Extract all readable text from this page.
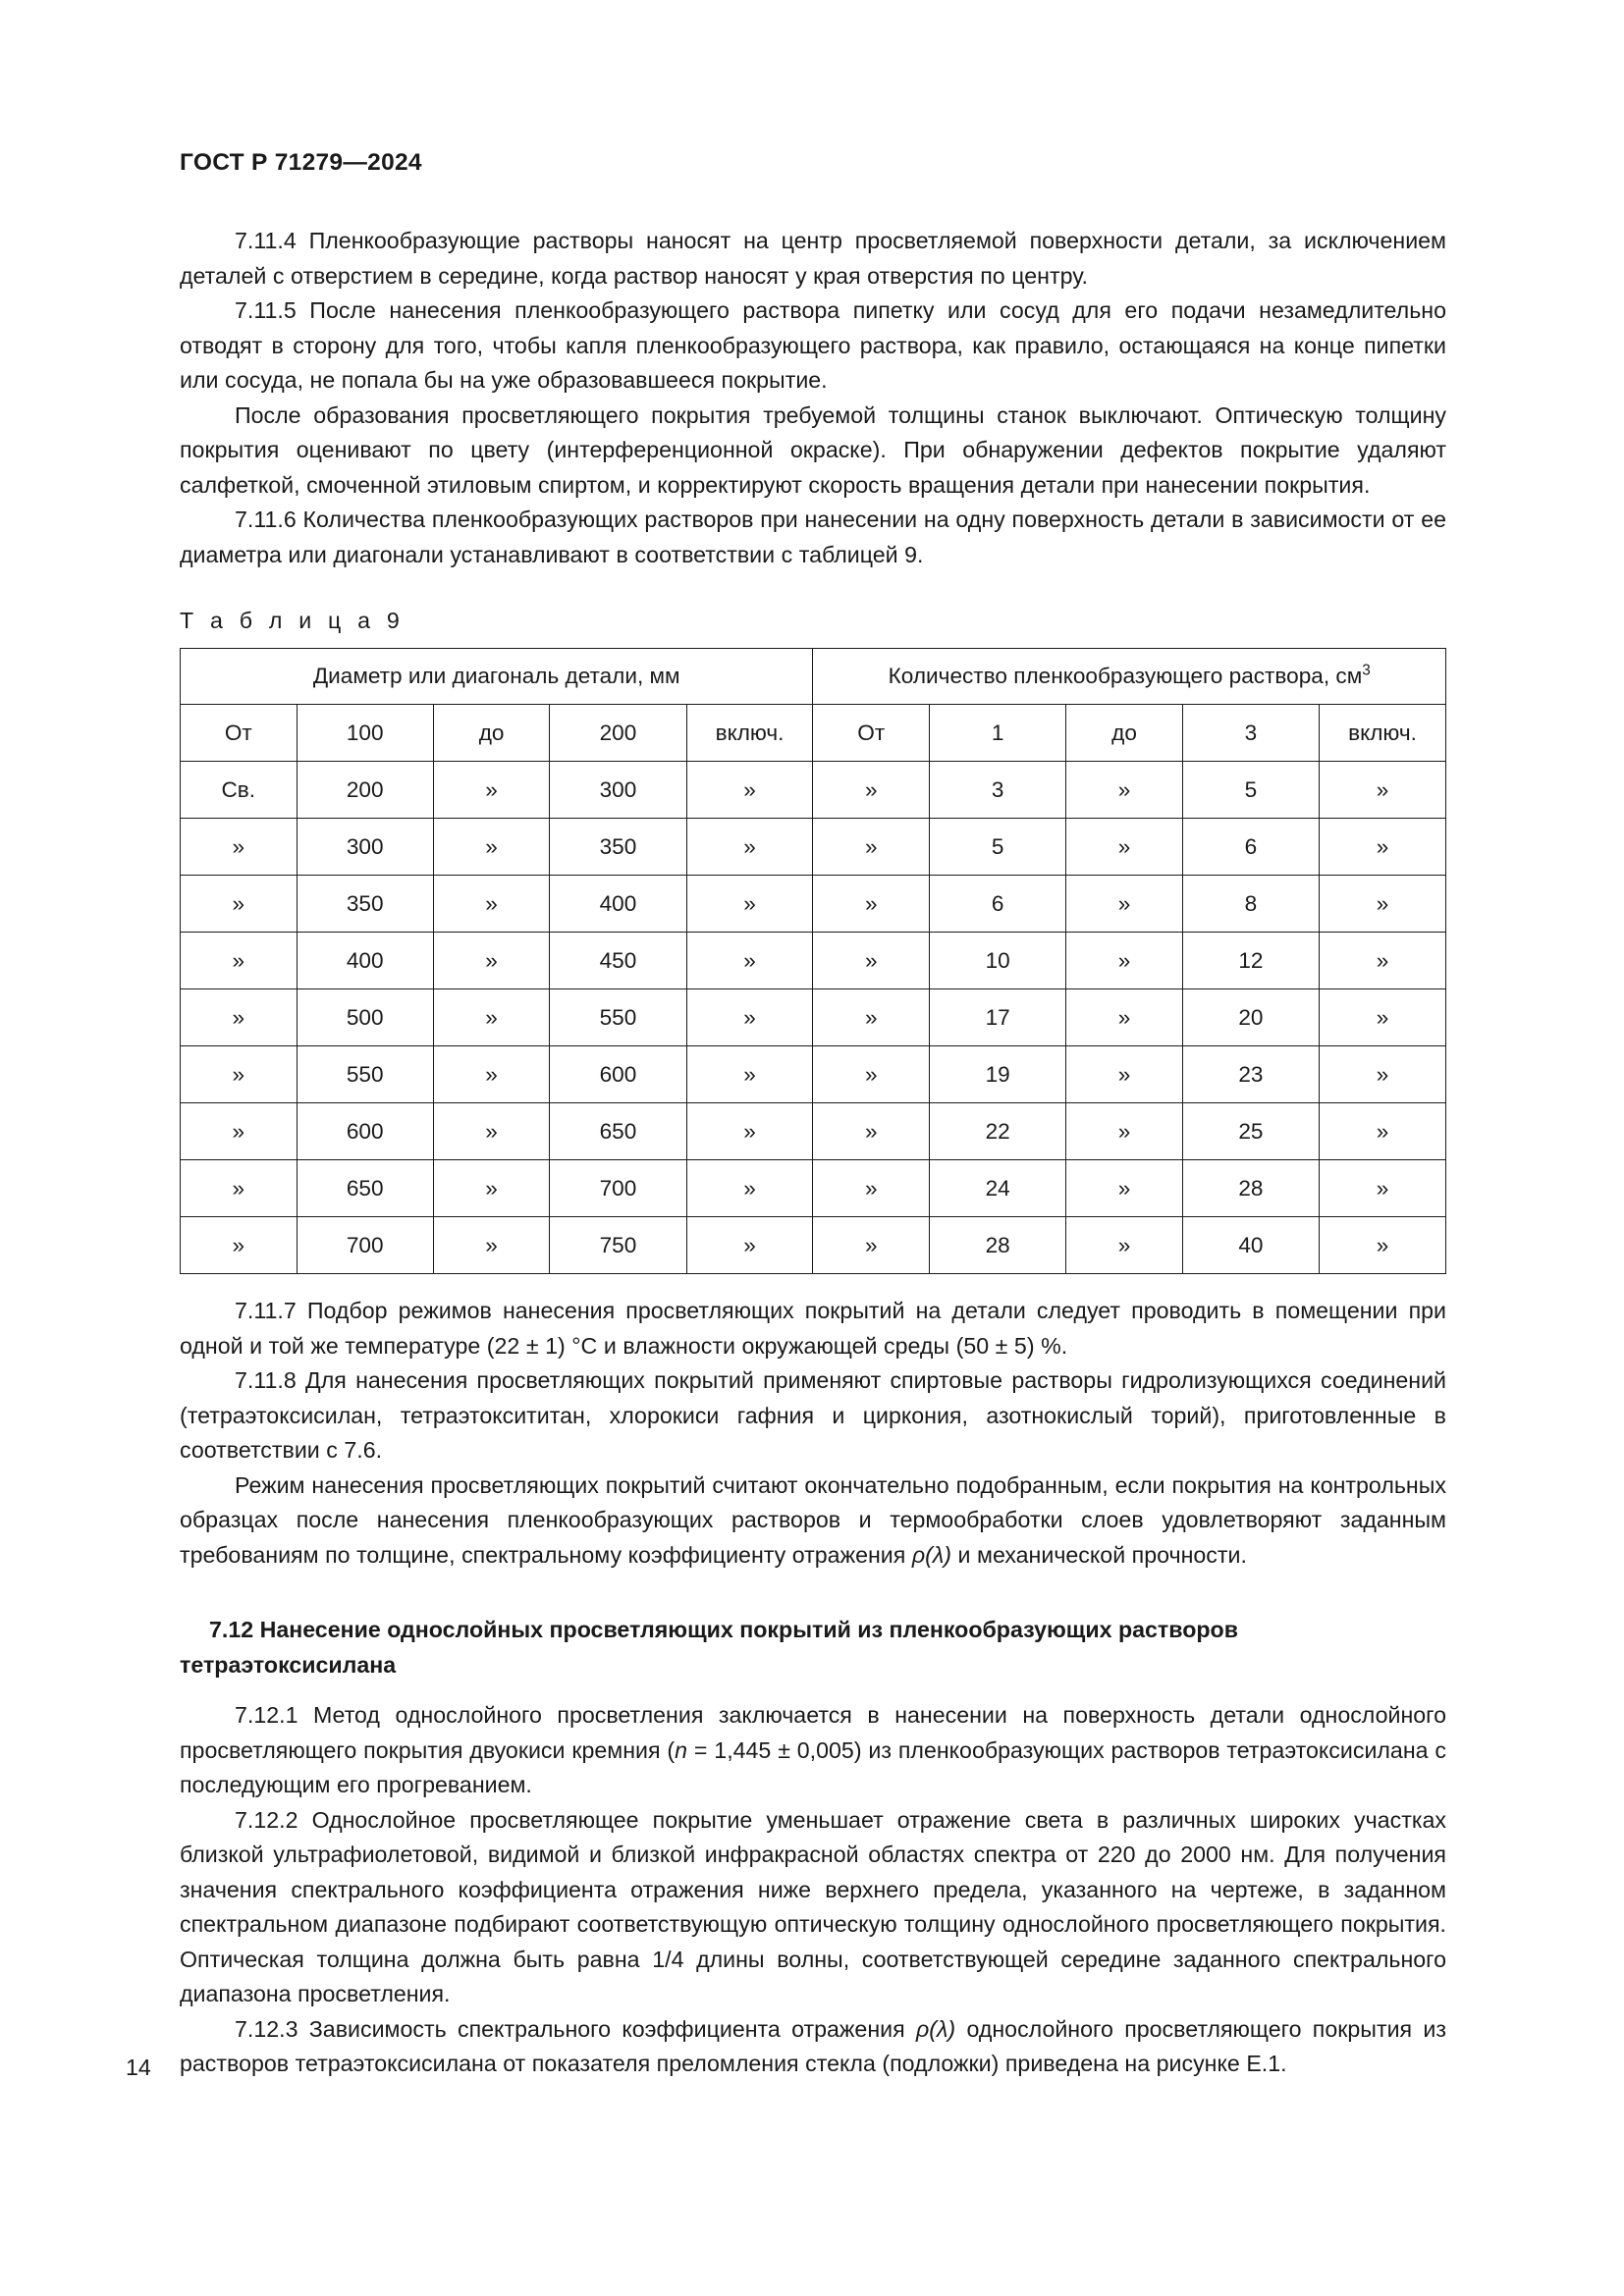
ГОСТ Р 71279—2024

7.11.4 Пленкообразующие растворы наносят на центр просветляемой поверхности детали, за исключением деталей с отверстием в середине, когда раствор наносят у края отверстия по центру.

7.11.5 После нанесения пленкообразующего раствора пипетку или сосуд для его подачи незамедлительно отводят в сторону для того, чтобы капля пленкообразующего раствора, как правило, остающаяся на конце пипетки или сосуда, не попала бы на уже образовавшееся покрытие.

После образования просветляющего покрытия требуемой толщины станок выключают. Оптическую толщину покрытия оценивают по цвету (интерференционной окраске). При обнаружении дефектов покрытие удаляют салфеткой, смоченной этиловым спиртом, и корректируют скорость вращения детали при нанесении покрытия.

7.11.6 Количества пленкообразующих растворов при нанесении на одну поверхность детали в зависимости от ее диаметра или диагонали устанавливают в соответствии с таблицей 9.

Т а б л и ц а 9
Диаметр или диагональ детали, мм					Количество пленкообразующего раствора, $см^3$
От	100	до	200	включ.	От	1	до	3	включ.
Св.	200	»	300	»	»	3	»	5	»
»	300	»	350	»	»	5	»	6	»
»	350	»	400	»	»	6	»	8	»
»	400	»	450	»	»	10	»	12	»
»	500	»	550	»	»	17	»	20	»
»	550	»	600	»	»	19	»	23	»
»	600	»	650	»	»	22	»	25	»
»	650	»	700	»	»	24	»	28	»
»	700	»	750	»	»	28	»	40	»

7.11.7 Подбор режимов нанесения просветляющих покрытий на детали следует проводить в помещении при одной и той же температуре (22 ± 1) °C и влажности окружающей среды (50 ± 5) %.

7.11.8 Для нанесения просветляющих покрытий применяют спиртовые растворы гидролизующихся соединений (тетраэтоксисилан, тетраэтоксититан, хлорокиси гафния и циркония, азотнокислый торий), приготовленные в соответствии с 7.6.

Режим нанесения просветляющих покрытий считают окончательно подобранным, если покрытия на контрольных образцах после нанесения пленкообразующих растворов и термообработки слоев удовлетворяют заданным требованиям по толщине, спектральному коэффициенту отражения ρ(λ) и механической прочности.

7.12 Нанесение однослойных просветляющих покрытий из пленкообразующих растворов тетраэтоксисилана

7.12.1 Метод однослойного просветления заключается в нанесении на поверхность детали однослойного просветляющего покрытия двуокиси кремния (n = 1,445 ± 0,005) из пленкообразующих растворов тетраэтоксисилана с последующим его прогреванием.

7.12.2 Однослойное просветляющее покрытие уменьшает отражение света в различных широких участках близкой ультрафиолетовой, видимой и близкой инфракрасной областях спектра от 220 до 2000 нм. Для получения значения спектрального коэффициента отражения ниже верхнего предела, указанного на чертеже, в заданном спектральном диапазоне подбирают соответствующую оптическую толщину однослойного просветляющего покрытия. Оптическая толщина должна быть равна 1/4 длины волны, соответствующей середине заданного спектрального диапазона просветления.

7.12.3 Зависимость спектрального коэффициента отражения ρ(λ) однослойного просветляющего покрытия из растворов тетраэтоксисилана от показателя преломления стекла (подложки) приведена на рисунке Е.1.

14
